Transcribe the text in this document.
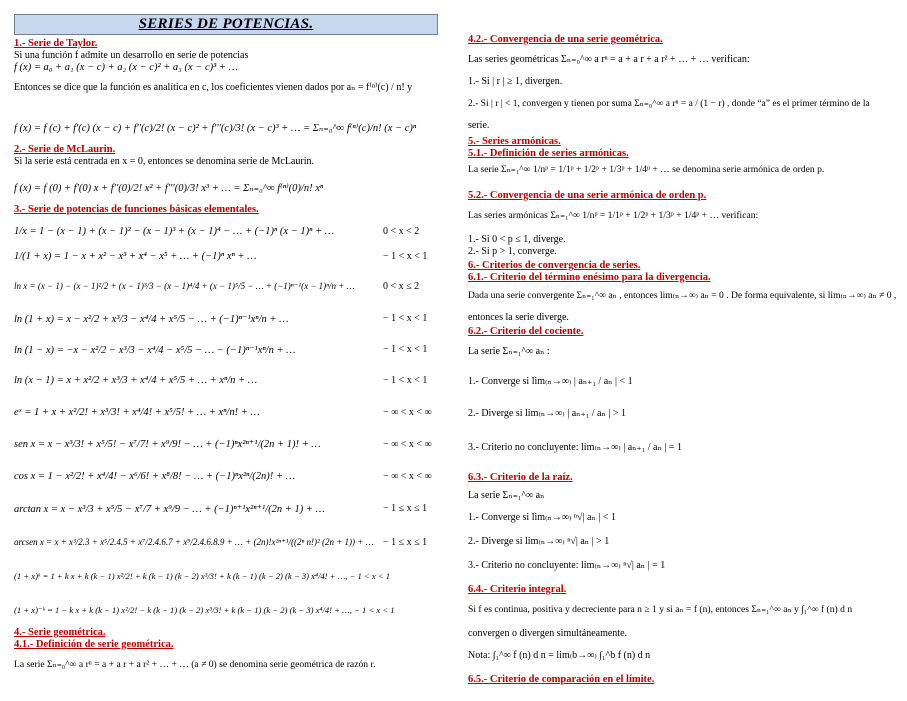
SERIES DE POTENCIAS.

1.- Serie de Taylor.

Si una función f admite un desarrollo en serie de potencias

f (x) = a₀ + a₁ (x − c) + a₂ (x − c)² + a₃ (x − c)³ + …

Entonces se dice que la función es analítica en c, los coeficientes vienen dados por aₙ = f⁽ⁿ⁾(c) / n! y

f (x) = f (c) + f′(c) (x − c) + f′′(c)/2! (x − c)² + f′′′(c)/3! (x − c)³ + … = Σₙ₌₀^∞ f⁽ⁿ⁾(c)/n! (x − c)ⁿ

2.- Serie de McLaurin.

Si la serie está centrada en x = 0, entonces se denomina serie de McLaurin.

f (x) = f (0) + f′(0) x + f′′(0)/2! x² + f′′′(0)/3! x³ + … = Σₙ₌₀^∞ f⁽ⁿ⁾(0)/n! xⁿ

3.- Serie de potencias de funciones básicas elementales.

1/x = 1 − (x − 1) + (x − 1)² − (x − 1)³ + (x − 1)⁴ − … + (−1)ⁿ (x − 1)ⁿ + …	0 < x < 2
1/(1 + x) = 1 − x + x² − x³ + x⁴ − x⁵ + … + (−1)ⁿ xⁿ + …	− 1 < x < 1
ln x = (x − 1) − (x − 1)²/2 + (x − 1)³/3 − (x − 1)⁴/4 + (x − 1)⁵/5 − … + (−1)ⁿ⁻¹(x − 1)ⁿ/n + …	0 < x ≤ 2
ln (1 + x) = x − x²/2 + x³/3 − x⁴/4 + x⁵/5 − … + (−1)ⁿ⁻¹xⁿ/n + …	− 1 < x < 1
ln (1 − x) = −x − x²/2 − x³/3 − x⁴/4 − x⁵/5 − … − (−1)ⁿ⁻¹xⁿ/n + …	− 1 < x < 1
ln (x − 1) = x + x²/2 + x³/3 + x⁴/4 + x⁵/5 + … + xⁿ/n + …	− 1 < x < 1
eˣ = 1 + x + x²/2! + x³/3! + x⁴/4! + x⁵/5! + … + xⁿ/n! + …	− ∞ < x < ∞
sen x = x − x³/3! + x⁵/5! − x⁷/7! + x⁹/9! − … + (−1)ⁿx²ⁿ⁺¹/(2n + 1)! + …	− ∞ < x < ∞
cos x = 1 − x²/2! + x⁴/4! − x⁶/6! + x⁸/8! − … + (−1)ⁿx²ⁿ/(2n)! + …	− ∞ < x < ∞
arctan x = x − x³/3 + x⁵/5 − x⁷/7 + x⁹/9 − … + (−1)ⁿ⁺¹x²ⁿ⁺¹/(2n + 1) + …	− 1 ≤ x ≤ 1
arcsen x = x + x³/2.3 + x⁵/2.4.5 + x⁷/2.4.6.7 + x⁹/2.4.6.8.9 + … + (2n)!x²ⁿ⁺¹/((2ⁿ n!)² (2n + 1)) + … − 1 ≤ x ≤ 1
(1 + x)ᵏ = 1 + k x + k (k − 1) x²/2! + k (k − 1) (k − 2) x³/3! + k (k − 1) (k − 2) (k − 3) x⁴/4! + …, − 1 < x < 1
(1 + x)⁻ᵏ = 1 − k x + k (k − 1) x²/2! − k (k − 1) (k − 2) x³/3! + k (k − 1) (k − 2) (k − 3) x⁴/4! + …, − 1 < x < 1

4.- Serie geométrica.

4.1.- Definición de serie geométrica.

La serie Σₙ₌₀^∞ a rⁿ = a + a r + a r² + … + … (a ≠ 0) se denomina serie geométrica de razón r.

4.2.- Convergencia de una serie geométrica.

Las series geométricas Σₙ₌₀^∞ a rⁿ = a + a r + a r² + … + … verifican:

1.- Si | r | ≥ 1, divergen.

2.- Si | r | < 1, convergen y tienen por suma Σₙ₌₀^∞ a rⁿ = a / (1 − r) , donde “a” es el primer término de la

serie.

5.- Series armónicas.

5.1.- Definición de series armónicas.

La serie Σₙ₌₁^∞ 1/nᵖ = 1/1ᵖ + 1/2ᵖ + 1/3ᵖ + 1/4ᵖ + … se denomina serie armónica de orden p.

5.2.- Convergencia de una serie armónica de orden p.

Las series armónicas Σₙ₌₁^∞ 1/nᵖ = 1/1ᵖ + 1/2ᵖ + 1/3ᵖ + 1/4ᵖ + … verifican:

1.- Si 0 < p ≤ 1, diverge.

2.- Si p > 1, converge.

6.- Criterios de convergencia de series.

6.1.- Criterio del término enésimo para la divergencia.

Dada una serie convergente Σₙ₌₁^∞ aₙ , entonces lim₍ₙ→∞₎ aₙ = 0 . De forma equivalente, si lim₍ₙ→∞₎ aₙ ≠ 0 ,

entonces la serie diverge.

6.2.- Criterio del cociente.

La serie Σₙ₌₁^∞ aₙ :

1.- Converge si lim₍ₙ→∞₎ | aₙ₊₁ / aₙ | < 1

2.- Diverge si lim₍ₙ→∞₎ | aₙ₊₁ / aₙ | > 1

3.- Criterio no concluyente: lim₍ₙ→∞₎ | aₙ₊₁ / aₙ | = 1

6.3.- Criterio de la raíz.

La serie Σₙ₌₁^∞ aₙ

1.- Converge si lim₍ₙ→∞₎ ⁿ√| aₙ | < 1

2.- Diverge si lim₍ₙ→∞₎ ⁿ√| aₙ | > 1

3.- Criterio no concluyente: lim₍ₙ→∞₎ ⁿ√| aₙ | = 1

6.4.- Criterio integral.

Si f es continua, positiva y decreciente para n ≥ 1 y si aₙ = f (n), entonces Σₙ₌₁^∞ aₙ y ∫₁^∞ f (n) d n

convergen o divergen simultáneamente.

Nota: ∫₁^∞ f (n) d n = lim₍b→∞₎ ∫₁^b f (n) d n

6.5.- Criterio de comparación en el límite.
